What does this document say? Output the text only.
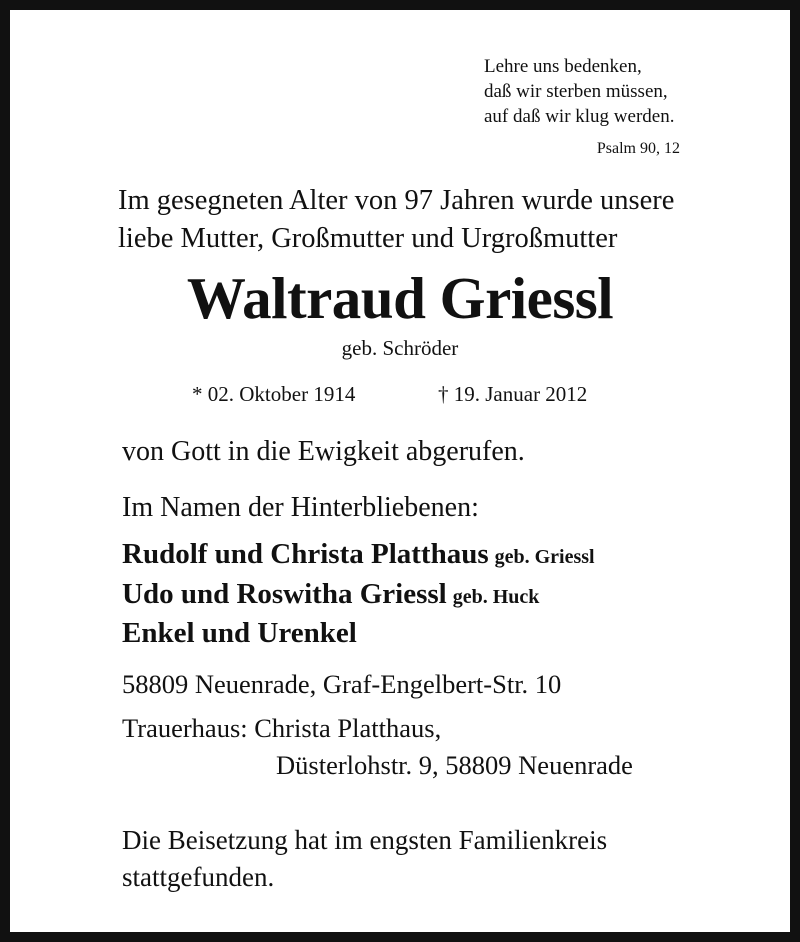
Lehre uns bedenken,
daß wir sterben müssen,
auf daß wir klug werden.
Psalm 90, 12
Im gesegneten Alter von 97 Jahren wurde unsere
liebe Mutter, Großmutter und Urgroßmutter
Waltraud Griessl
geb. Schröder
* 02. Oktober 1914	† 19. Januar 2012
von Gott in die Ewigkeit abgerufen.
Im Namen der Hinterbliebenen:
Rudolf und Christa Platthaus geb. Griessl
Udo und Roswitha Griessl geb. Huck
Enkel und Urenkel
58809 Neuenrade, Graf-Engelbert-Str. 10
Trauerhaus: Christa Platthaus,
Düsterlohstr. 9, 58809 Neuenrade
Die Beisetzung hat im engsten Familienkreis
stattgefunden.
